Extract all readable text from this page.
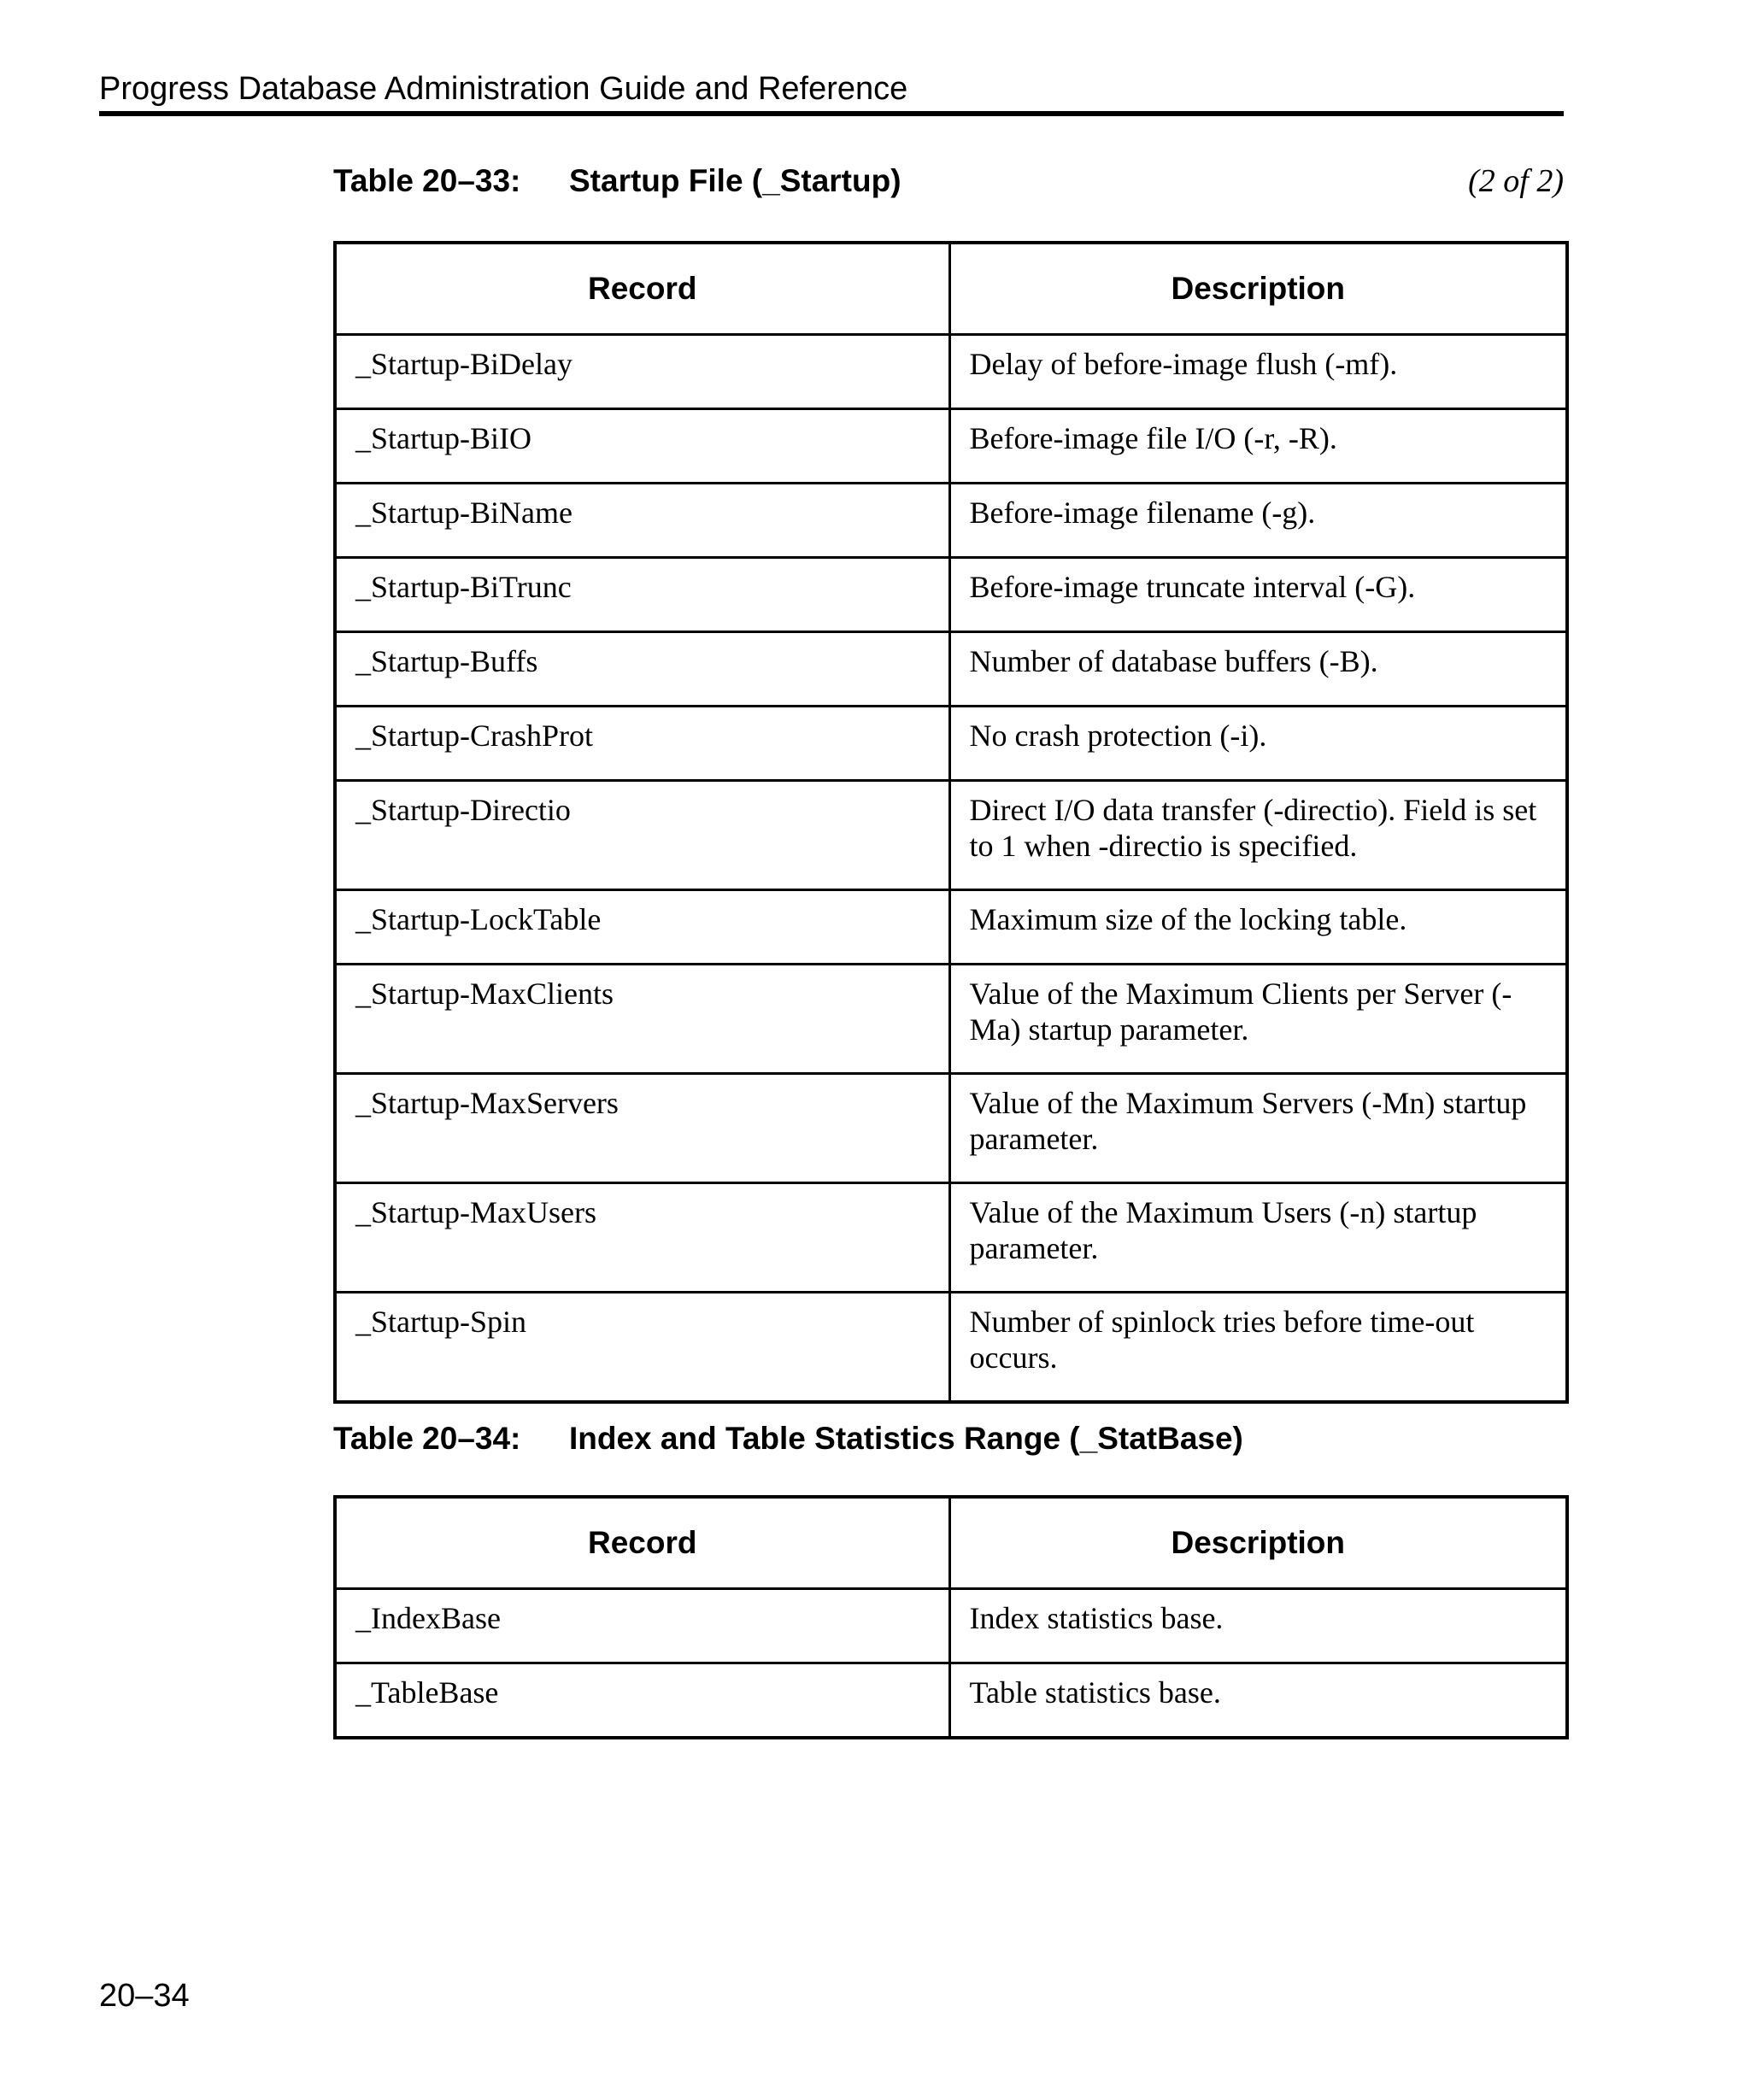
Progress Database Administration Guide and Reference
Table 20–33: Startup File (_Startup)	(2 of 2)
Record	Description
_Startup-BiDelay	Delay of before-image flush (-mf).
_Startup-BiIO	Before-image file I/O (-r, -R).
_Startup-BiName	Before-image filename (-g).
_Startup-BiTrunc	Before-image truncate interval (-G).
_Startup-Buffs	Number of database buffers (-B).
_Startup-CrashProt	No crash protection (-i).
_Startup-Directio	Direct I/O data transfer (-directio). Field is set to 1 when -directio is specified.
_Startup-LockTable	Maximum size of the locking table.
_Startup-MaxClients	Value of the Maximum Clients per Server (-Ma) startup parameter.
_Startup-MaxServers	Value of the Maximum Servers (-Mn) startup parameter.
_Startup-MaxUsers	Value of the Maximum Users (-n) startup parameter.
_Startup-Spin	Number of spinlock tries before time-out occurs.
Table 20–34: Index and Table Statistics Range (_StatBase)
Record	Description
_IndexBase	Index statistics base.
_TableBase	Table statistics base.
20–34
